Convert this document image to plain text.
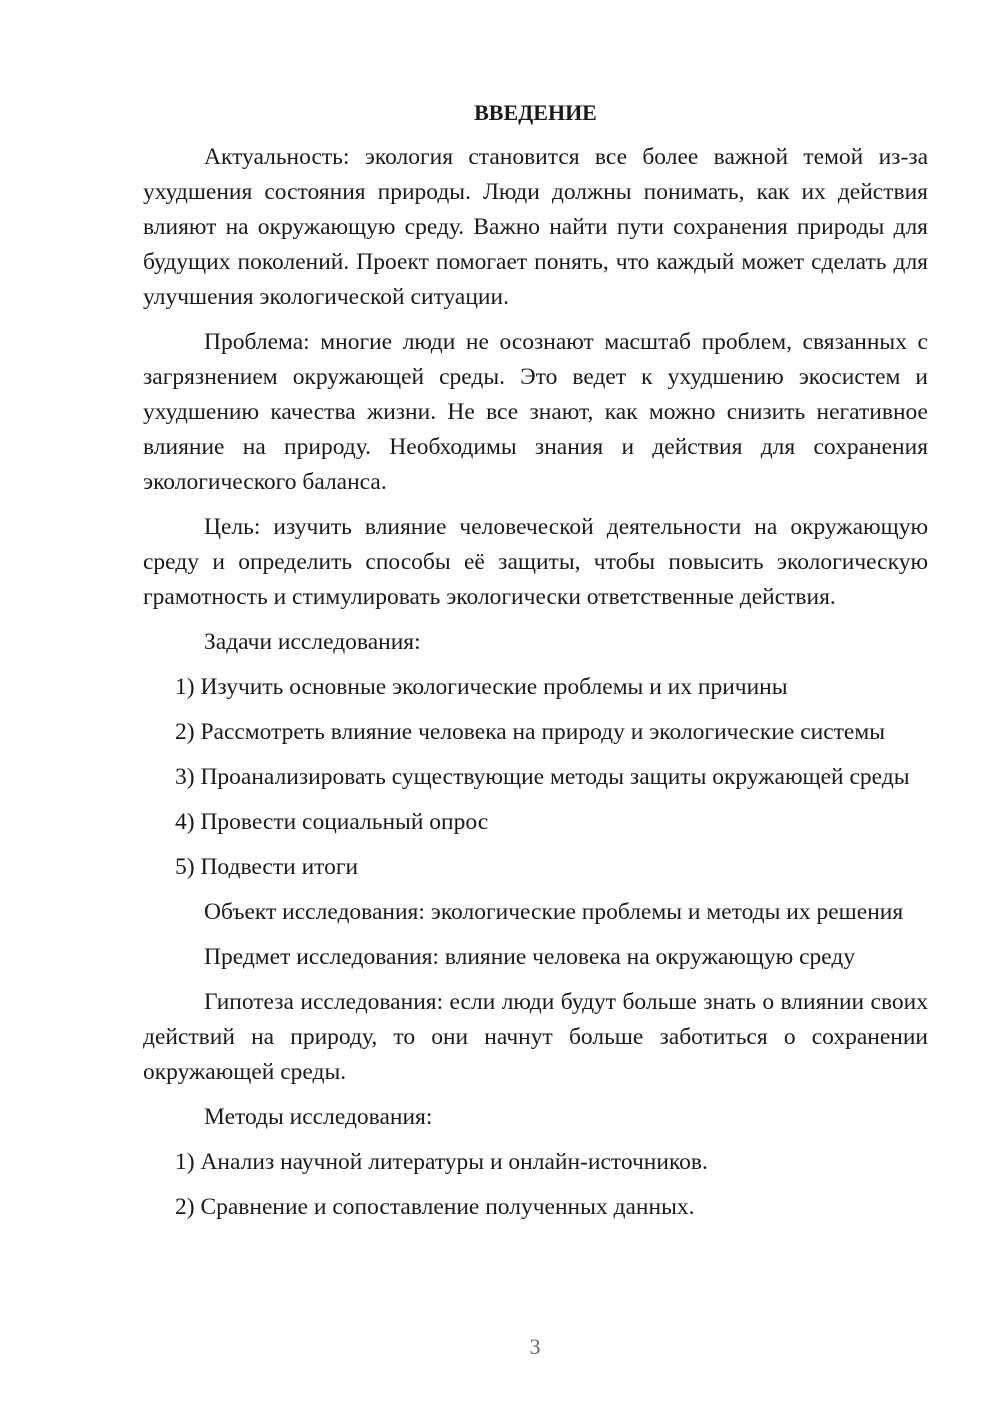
ВВЕДЕНИЕ

Актуальность: экология становится все более важной темой из-за ухудшения состояния природы. Люди должны понимать, как их действия влияют на окружающую среду. Важно найти пути сохранения природы для будущих поколений. Проект помогает понять, что каждый может сделать для улучшения экологической ситуации.

Проблема: многие люди не осознают масштаб проблем, связанных с загрязнением окружающей среды. Это ведет к ухудшению экосистем и ухудшению качества жизни. Не все знают, как можно снизить негативное влияние на природу. Необходимы знания и действия для сохранения экологического баланса.

Цель: изучить влияние человеческой деятельности на окружающую среду и определить способы её защиты, чтобы повысить экологическую грамотность и стимулировать экологически ответственные действия.

Задачи исследования:

1) Изучить основные экологические проблемы и их причины

2) Рассмотреть влияние человека на природу и экологические системы

3) Проанализировать существующие методы защиты окружающей среды

4) Провести социальный опрос

5) Подвести итоги

Объект исследования: экологические проблемы и методы их решения

Предмет исследования: влияние человека на окружающую среду

Гипотеза исследования: если люди будут больше знать о влиянии своих действий на природу, то они начнут больше заботиться о сохранении окружающей среды.

Методы исследования:

1) Анализ научной литературы и онлайн-источников.

2) Сравнение и сопоставление полученных данных.

3
